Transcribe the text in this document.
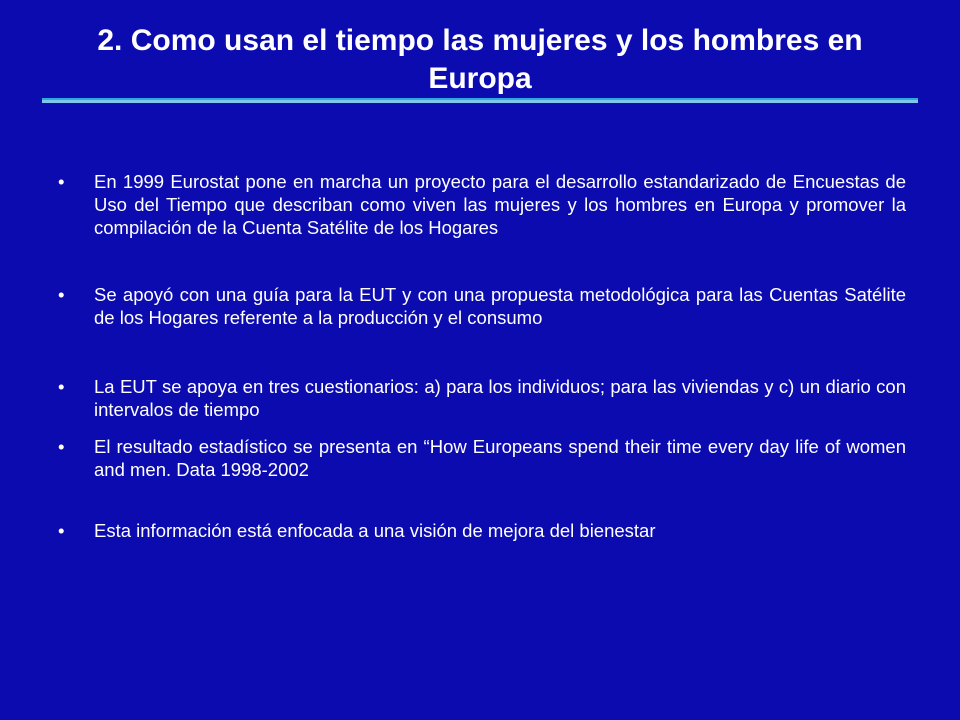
2. Como usan el tiempo las mujeres y los hombres en Europa
• En 1999 Eurostat pone en marcha un proyecto para el desarrollo estandarizado de Encuestas de Uso del Tiempo que describan como viven las mujeres y los hombres en Europa y promover la compilación de la Cuenta Satélite de los Hogares
• Se apoyó con una guía para la EUT y con una propuesta metodológica para las Cuentas Satélite de los Hogares referente a la producción y el consumo
• La EUT se apoya en tres cuestionarios: a) para los individuos; para las viviendas y c) un diario con intervalos de tiempo
• El resultado estadístico se presenta en “How Europeans spend their time every day life of women and men. Data 1998-2002
• Esta información está enfocada a una visión de mejora del bienestar
